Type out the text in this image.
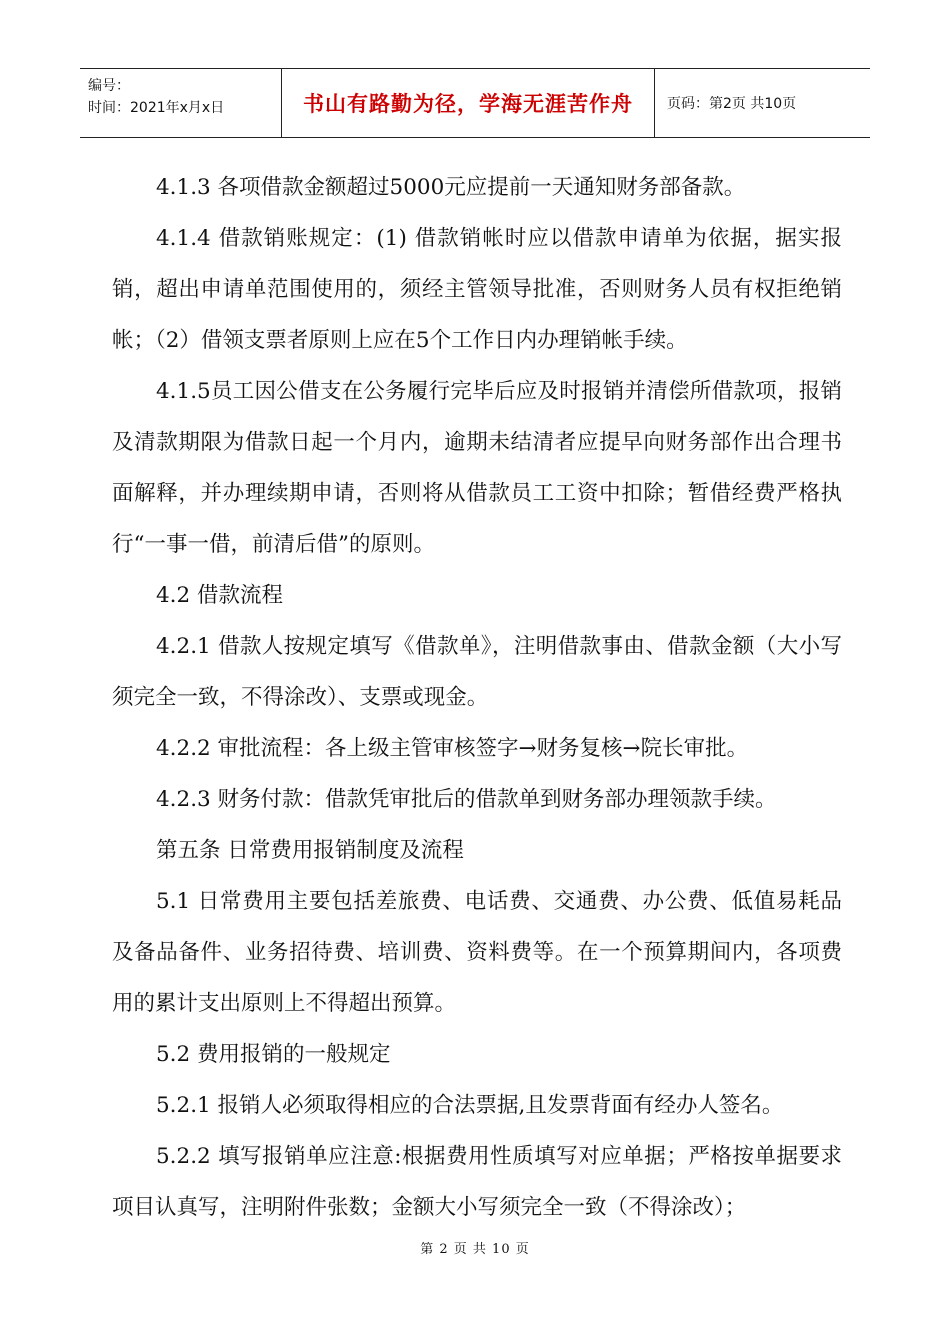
编号：
时间：2021年x月x日	书山有路勤为径，学海无涯苦作舟	页码：第2页 共10页

4.1.3 各项借款金额超过5000元应提前一天通知财务部备款。

4.1.4 借款销账规定：(1) 借款销帐时应以借款申请单为依据，据实报销，超出申请单范围使用的，须经主管领导批准，否则财务人员有权拒绝销帐；（2）借领支票者原则上应在5个工作日内办理销帐手续。

4.1.5员工因公借支在公务履行完毕后应及时报销并清偿所借款项，报销及清款期限为借款日起一个月内，逾期未结清者应提早向财务部作出合理书面解释，并办理续期申请，否则将从借款员工工资中扣除；暂借经费严格执行“一事一借，前清后借”的原则。

4.2 借款流程

4.2.1 借款人按规定填写《借款单》，注明借款事由、借款金额（大小写须完全一致，不得涂改）、支票或现金。

4.2.2 审批流程：各上级主管审核签字→财务复核→院长审批。

4.2.3 财务付款：借款凭审批后的借款单到财务部办理领款手续。

第五条 日常费用报销制度及流程

5.1 日常费用主要包括差旅费、电话费、交通费、办公费、低值易耗品及备品备件、业务招待费、培训费、资料费等。在一个预算期间内，各项费用的累计支出原则上不得超出预算。

5.2 费用报销的一般规定

5.2.1 报销人必须取得相应的合法票据,且发票背面有经办人签名。

5.2.2 填写报销单应注意:根据费用性质填写对应单据；严格按单据要求项目认真写，注明附件张数；金额大小写须完全一致（不得涂改）；

第 2 页 共 10 页
